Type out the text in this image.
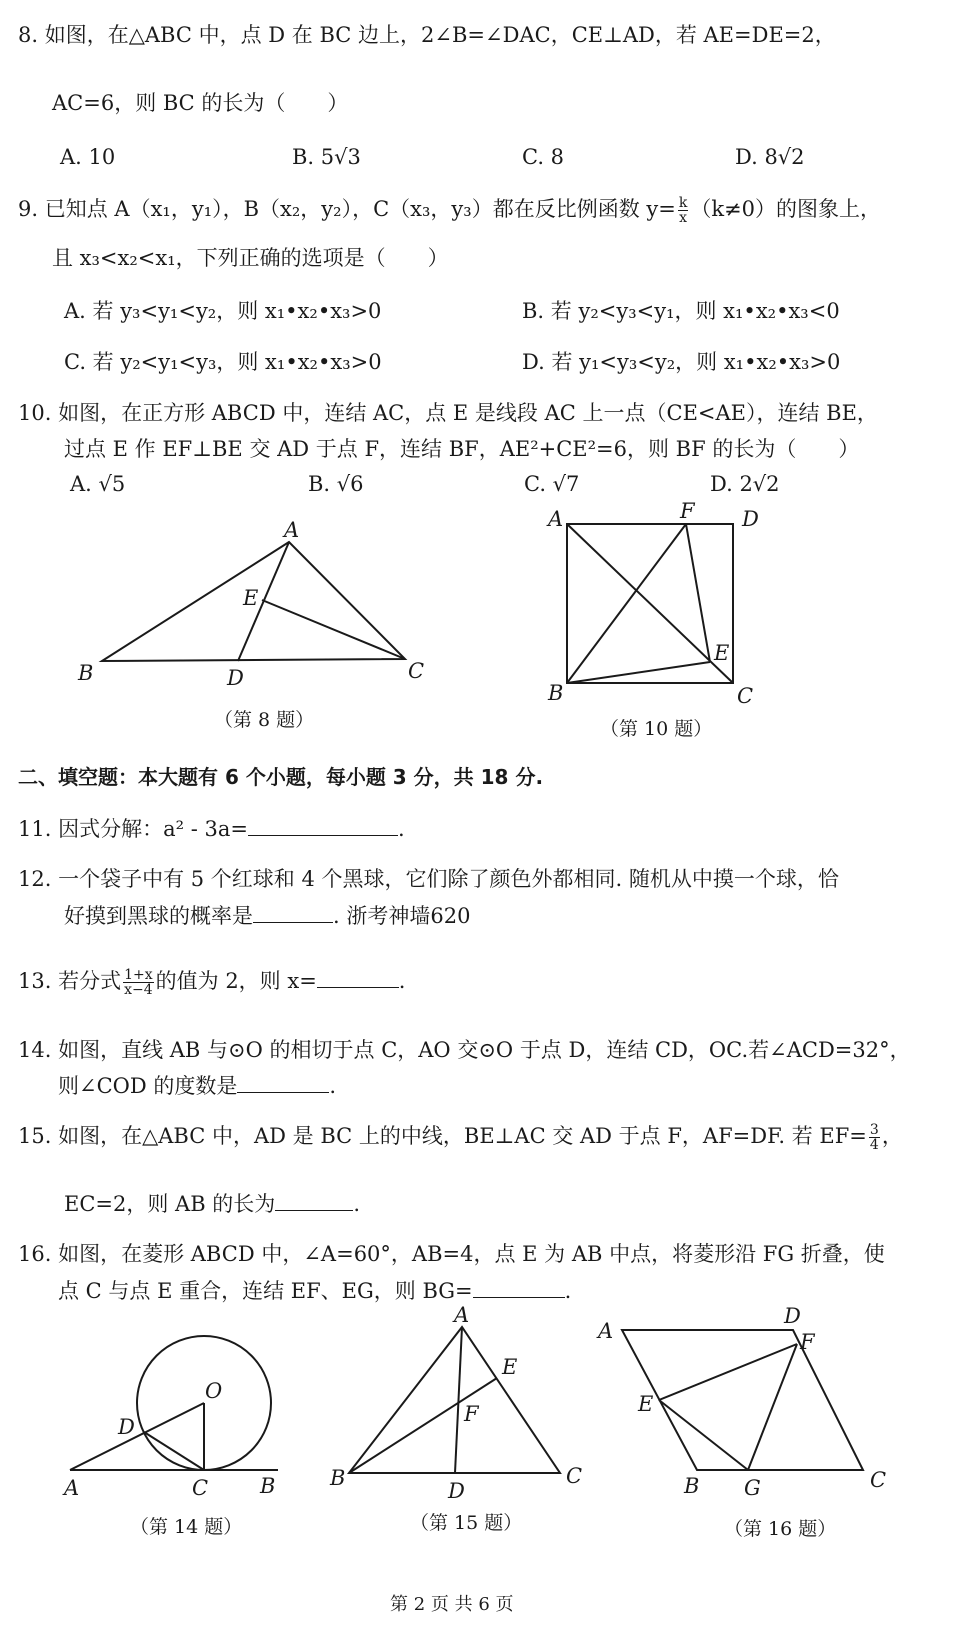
8. 如图，在△ABC 中，点 D 在 BC 边上，2∠B=∠DAC，CE⊥AD，若 AE=DE=2，
AC=6，则 BC 的长为（　　）
A. 10	B. 5√3	C. 8	D. 8√2
9. 已知点 A（x₁，y₁），B（x₂，y₂），C（x₃，y₃）都在反比例函数 $y= \frac{k}{x} (k\ne 0)$的图象上，
且 x₃<x₂<x₁，下列正确的选项是（　　）
A. 若 y₃<y₁<y₂，则 x₁•x₂•x₃>0	B. 若 y₂<y₃<y₁，则 x₁•x₂•x₃<0
C. 若 y₂<y₁<y₃，则 x₁•x₂•x₃>0	D. 若 y₁<y₃<y₂，则 x₁•x₂•x₃>0
10. 如图，在正方形 ABCD 中，连结 AC，点 E 是线段 AC 上一点（CE<AE），连结 BE，
过点 E 作 EF⊥BE 交 AD 于点 F，连结 BF，AE²+CE²=6，则 BF 的长为（　　）
A. √5	B. √6	C. √7	D. 2√2
A
B	C
D
E
A
B	C
D
E
F
A	B
C
D
O
A
B	C
D
E
F
A
B	C
D
E
F
G
（第 8 题）	（第 10 题）
二、填空题：本大题有 6 个小题，每小题 3 分，共 18 分.
11. 因式分解：a² - 3a=	.
12. 一个袋子中有 5 个红球和 4 个黑球，它们除了颜色外都相同. 随机从中摸一个球，恰
好摸到黑球的概率是	. 浙考神墙620
13. 若分式 $\frac{1+x}{x-4}$ 的值为 2，则 x=	.
14. 如图，直线 AB 与⊙O 的相切于点 C，AO 交⊙O 于点 D，连结 CD，OC.若∠ACD=32°，
则∠COD 的度数是	.
15. 如图，在△ABC 中，AD 是 BC 上的中线，BE⊥AC 交 AD 于点 F，AF=DF. 若 $EF= \frac{3}{4}$ ，
EC=2，则 AB 的长为	.
16. 如图，在菱形 ABCD 中，∠A=60°，AB=4，点 E 为 AB 中点，将菱形沿 FG 折叠，使
点 C 与点 E 重合，连结 EF、EG，则 BG=	.
（第 14 题）	（第 15 题）	（第 16 题）
第 2 页 共 6 页
